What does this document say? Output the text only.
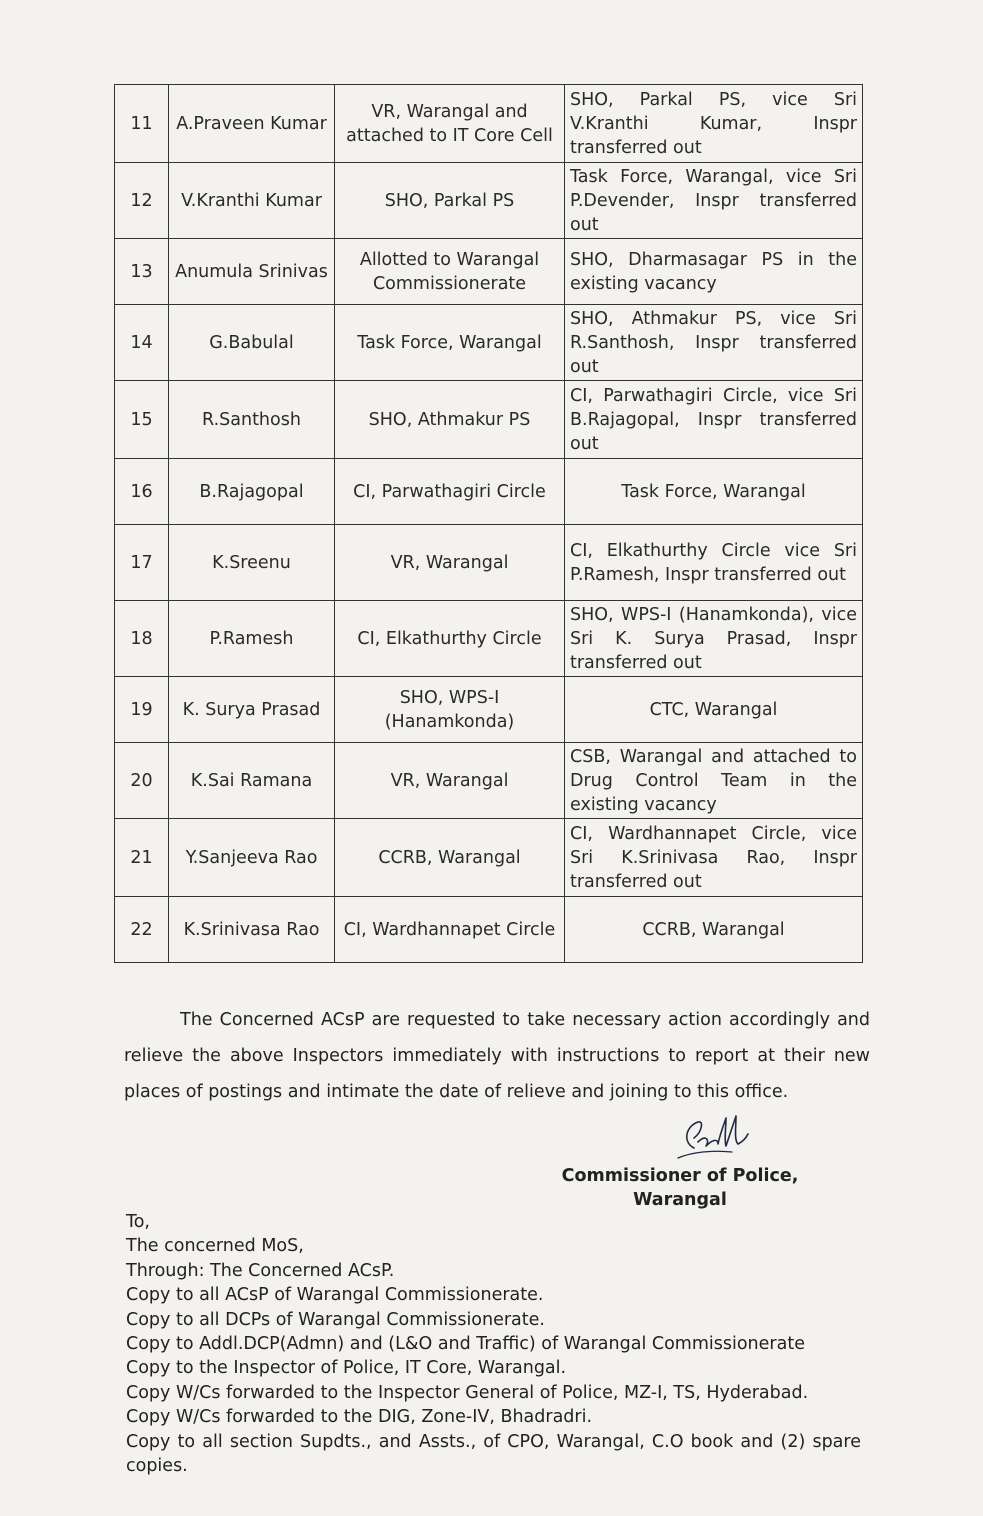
11	A.Praveen Kumar	VR, Warangal and attached to IT Core Cell	SHO, Parkal PS, vice Sri V.Kranthi Kumar, Inspr transferred out
12	V.Kranthi Kumar	SHO, Parkal PS	Task Force, Warangal, vice Sri P.Devender, Inspr transferred out
13	Anumula Srinivas	Allotted to Warangal Commissionerate	SHO, Dharmasagar PS in the existing vacancy
14	G.Babulal	Task Force, Warangal	SHO, Athmakur PS, vice Sri R.Santhosh, Inspr transferred out
15	R.Santhosh	SHO, Athmakur PS	CI, Parwathagiri Circle, vice Sri B.Rajagopal, Inspr transferred out
16	B.Rajagopal	CI, Parwathagiri Circle	Task Force, Warangal
17	K.Sreenu	VR, Warangal	CI, Elkathurthy Circle vice Sri P.Ramesh, Inspr transferred out
18	P.Ramesh	CI, Elkathurthy Circle	SHO, WPS-I (Hanamkonda), vice Sri K. Surya Prasad, Inspr transferred out
19	K. Surya Prasad	SHO, WPS-I (Hanamkonda)	CTC, Warangal
20	K.Sai Ramana	VR, Warangal	CSB, Warangal and attached to Drug Control Team in the existing vacancy
21	Y.Sanjeeva Rao	CCRB, Warangal	CI, Wardhannapet Circle, vice Sri K.Srinivasa Rao, Inspr transferred out
22	K.Srinivasa Rao	CI, Wardhannapet Circle	CCRB, Warangal
The Concerned ACsP are requested to take necessary action accordingly and relieve the above Inspectors immediately with instructions to report at their new places of postings and intimate the date of relieve and joining to this office.
Commissioner of Police,
Warangal
To,
The concerned MoS,
Through: The Concerned ACsP.
Copy to all ACsP of Warangal Commissionerate.
Copy to all DCPs of Warangal Commissionerate.
Copy to Addl.DCP(Admn) and (L&O and Traffic) of Warangal Commissionerate
Copy to the Inspector of Police, IT Core, Warangal.
Copy W/Cs forwarded to the Inspector General of Police, MZ-I, TS, Hyderabad.
Copy W/Cs forwarded to the DIG, Zone-IV, Bhadradri.
Copy to all section Supdts., and Assts., of CPO, Warangal, C.O book and (2) spare copies.
